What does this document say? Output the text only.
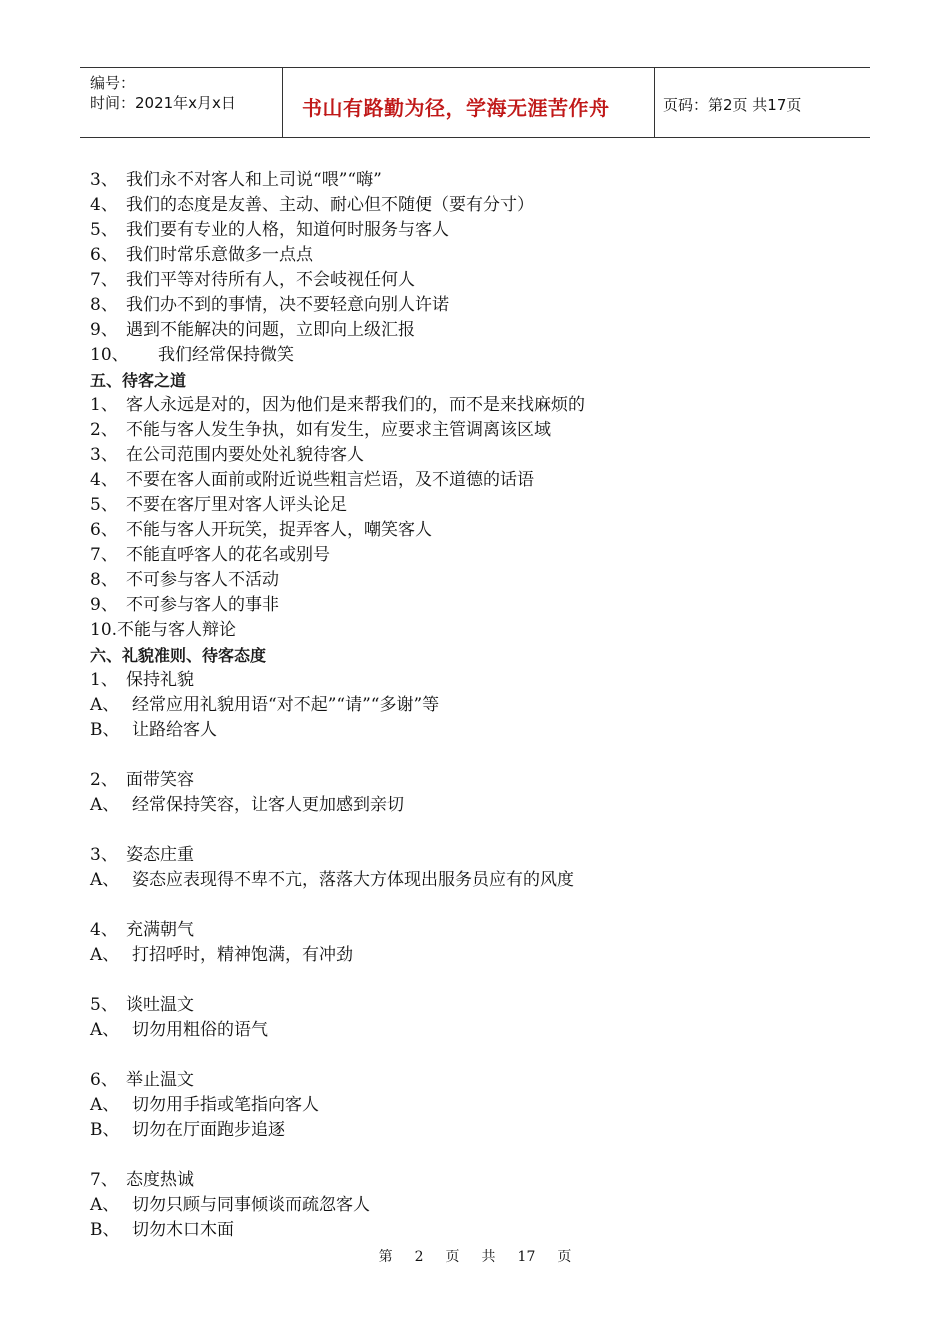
编号：
时间：2021年x月x日	书山有路勤为径，学海无涯苦作舟	页码：第2页 共17页
3、 我们永不对客人和上司说“喂”“嗨”
4、 我们的态度是友善、主动、耐心但不随便（要有分寸）
5、 我们要有专业的人格，知道何时服务与客人
6、 我们时常乐意做多一点点
7、 我们平等对待所有人，不会岐视任何人
8、 我们办不到的事情，决不要轻意向别人许诺
9、 遇到不能解决的问题，立即向上级汇报
10、 我们经常保持微笑
五、待客之道
1、 客人永远是对的，因为他们是来帮我们的，而不是来找麻烦的
2、 不能与客人发生争执，如有发生，应要求主管调离该区域
3、 在公司范围内要处处礼貌待客人
4、 不要在客人面前或附近说些粗言烂语，及不道德的话语
5、 不要在客厅里对客人评头论足
6、 不能与客人开玩笑，捉弄客人，嘲笑客人
7、 不能直呼客人的花名或别号
8、 不可参与客人不活动
9、 不可参与客人的事非
10.不能与客人辩论
六、礼貌准则、待客态度
1、 保持礼貌
A、 经常应用礼貌用语“对不起”“请”“多谢”等
B、 让路给客人
2、 面带笑容
A、 经常保持笑容，让客人更加感到亲切
3、 姿态庄重
A、 姿态应表现得不卑不亢，落落大方体现出服务员应有的风度
4、 充满朝气
A、 打招呼时，精神饱满，有冲劲
5、 谈吐温文
A、 切勿用粗俗的语气
6、 举止温文
A、 切勿用手指或笔指向客人
B、 切勿在厅面跑步追逐
7、 态度热诚
A、 切勿只顾与同事倾谈而疏忽客人
B、 切勿木口木面
第 2 页 共 17 页
